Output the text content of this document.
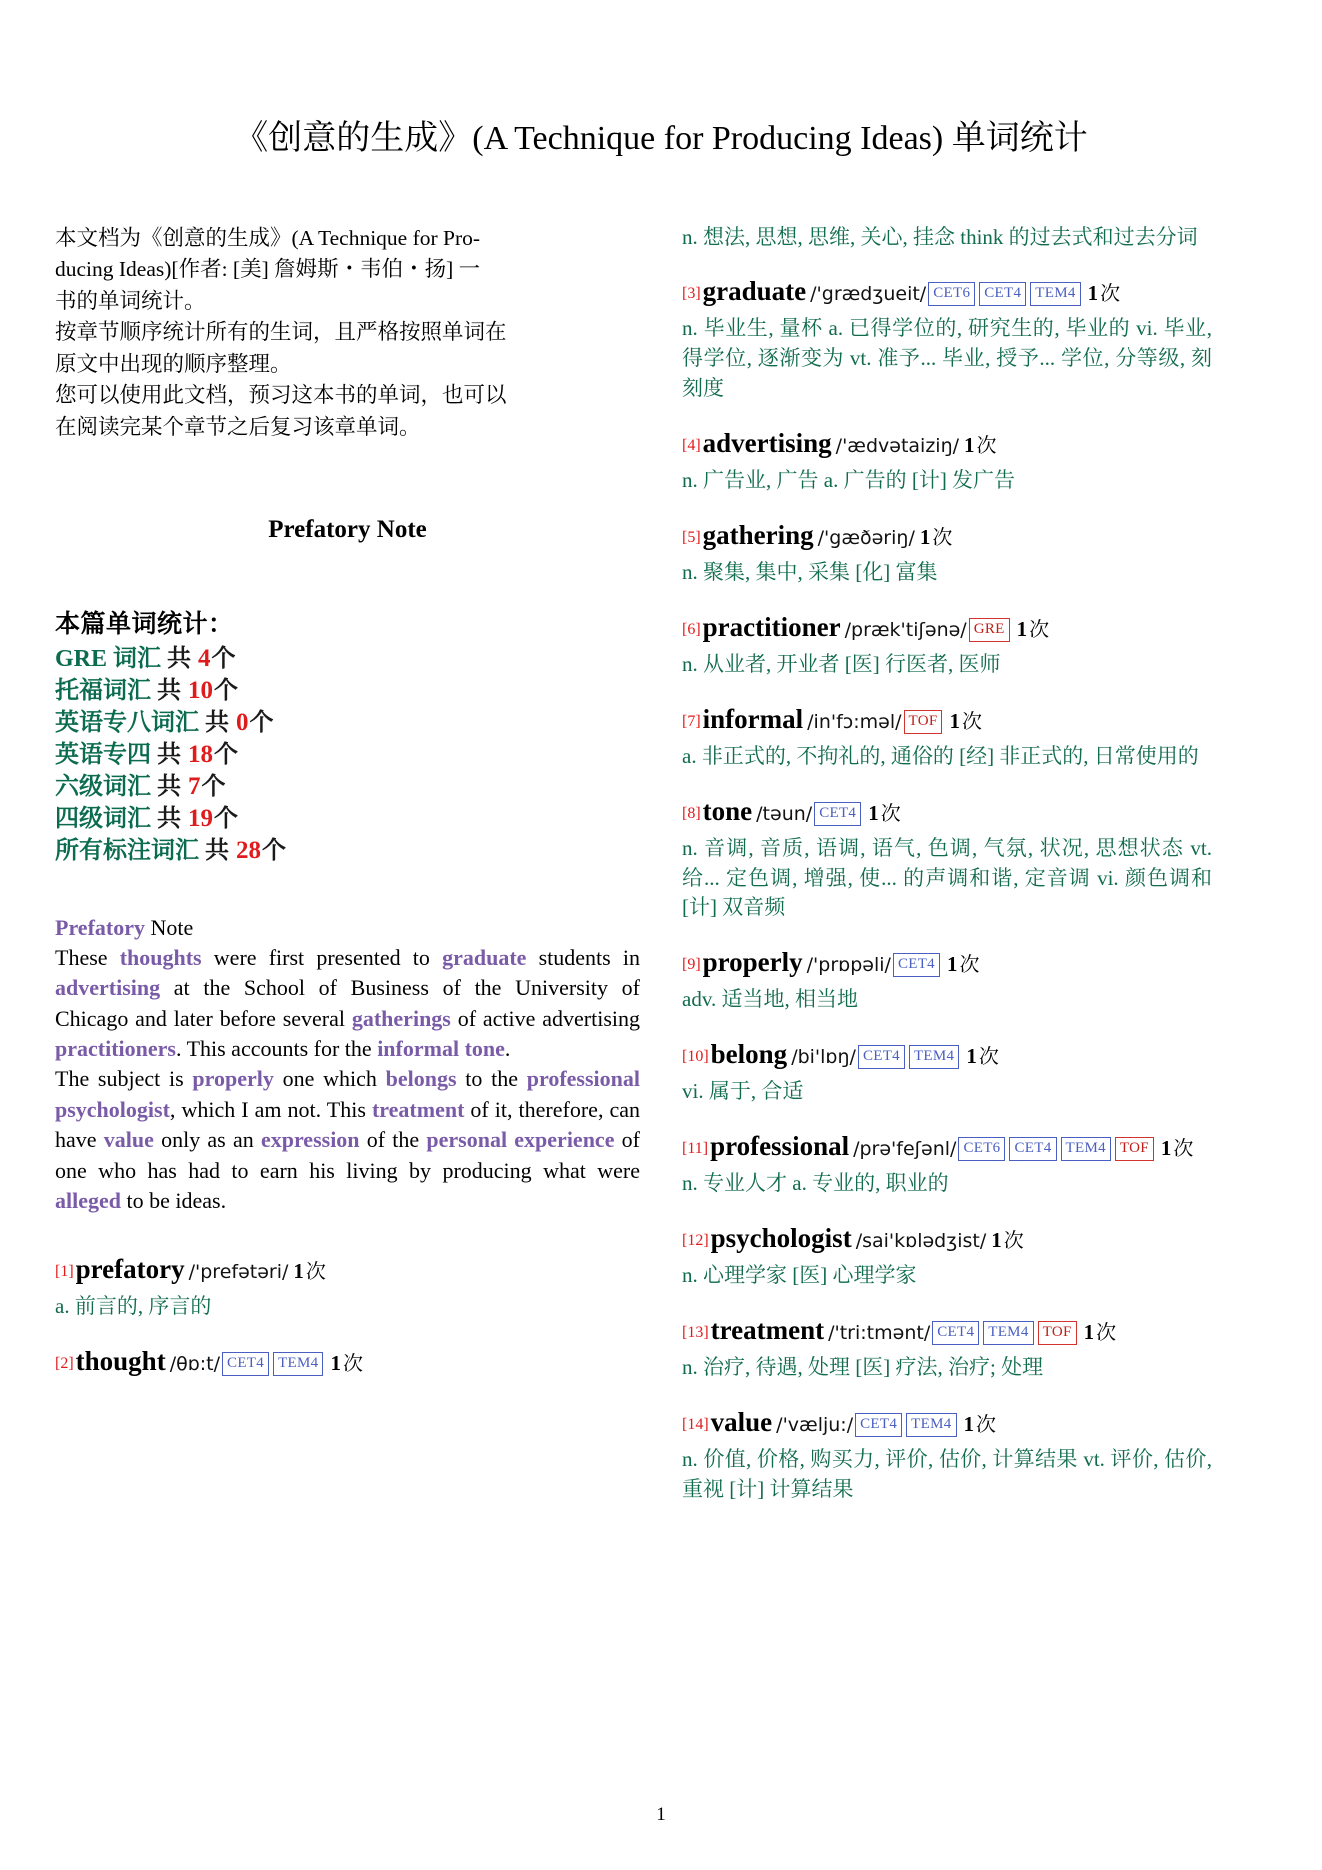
《创意的生成》(A Technique for Producing Ideas) 单词统计
本文档为《创意的生成》(A Technique for Pro-
ducing Ideas)[作者: [美] 詹姆斯・韦伯・扬] 一
书的单词统计。
按章节顺序统计所有的生词，且严格按照单词在
原文中出现的顺序整理。
您可以使用此文档，预习这本书的单词，也可以
在阅读完某个章节之后复习该章单词。
Prefatory Note
本篇单词统计：
GRE 词汇 共 4个
托福词汇 共 10个
英语专八词汇 共 0个
英语专四 共 18个
六级词汇 共 7个
四级词汇 共 19个
所有标注词汇 共 28个

Prefatory Note

These thoughts were first presented to graduate students in advertising at the School of Business of the University of Chicago and later before several gatherings of active advertising practitioners. This accounts for the informal tone.

The subject is properly one which belongs to the professional psychologist, which I am not. This treatment of it, therefore, can have value only as an expression of the personal experience of one who has had to earn his living by producing what were alleged to be ideas.

[1]prefatory /'prefətəri/ 1 次
a. 前言的, 序言的
[2]thought /θɒ:t/ CET4 TEM4 1 次
n. 想法, 思想, 思维, 关心, 挂念 think 的过去式和过去分词
[3]graduate /'grædʒueit/ CET6 CET4 TEM4 1 次
n. 毕业生, 量杯 a. 已得学位的, 研究生的, 毕业的 vi. 毕业, 得学位, 逐渐变为 vt. 准予... 毕业, 授予... 学位, 分等级, 刻刻度
[4]advertising /'ædvətaiziŋ/ 1 次
n. 广告业, 广告 a. 广告的 [计] 发广告
[5]gathering /'gæðəriŋ/ 1 次
n. 聚集, 集中, 采集 [化] 富集
[6]practitioner /præk'tiʃənə/ GRE 1 次
n. 从业者, 开业者 [医] 行医者, 医师
[7]informal /in'fɔ:məl/ TOF 1 次
a. 非正式的, 不拘礼的, 通俗的 [经] 非正式的, 日常使用的
[8]tone /təun/ CET4 1 次
n. 音调, 音质, 语调, 语气, 色调, 气氛, 状况, 思想状态 vt. 给... 定色调, 增强, 使... 的声调和谐, 定音调 vi. 颜色调和 [计] 双音频
[9]properly /'prɒpəli/ CET4 1 次
adv. 适当地, 相当地
[10]belong /bi'lɒŋ/ CET4 TEM4 1 次
vi. 属于, 合适
[11]professional /prə'feʃənl/ CET6 CET4 TEM4 TOF 1 次
n. 专业人才 a. 专业的, 职业的
[12]psychologist /sai'kɒlədʒist/ 1 次
n. 心理学家 [医] 心理学家
[13]treatment /'tri:tmənt/ CET4 TEM4 TOF 1 次
n. 治疗, 待遇, 处理 [医] 疗法, 治疗; 处理
[14]value /'vælju:/ CET4 TEM4 1 次
n. 价值, 价格, 购买力, 评价, 估价, 计算结果 vt. 评价, 估价, 重视 [计] 计算结果
1
